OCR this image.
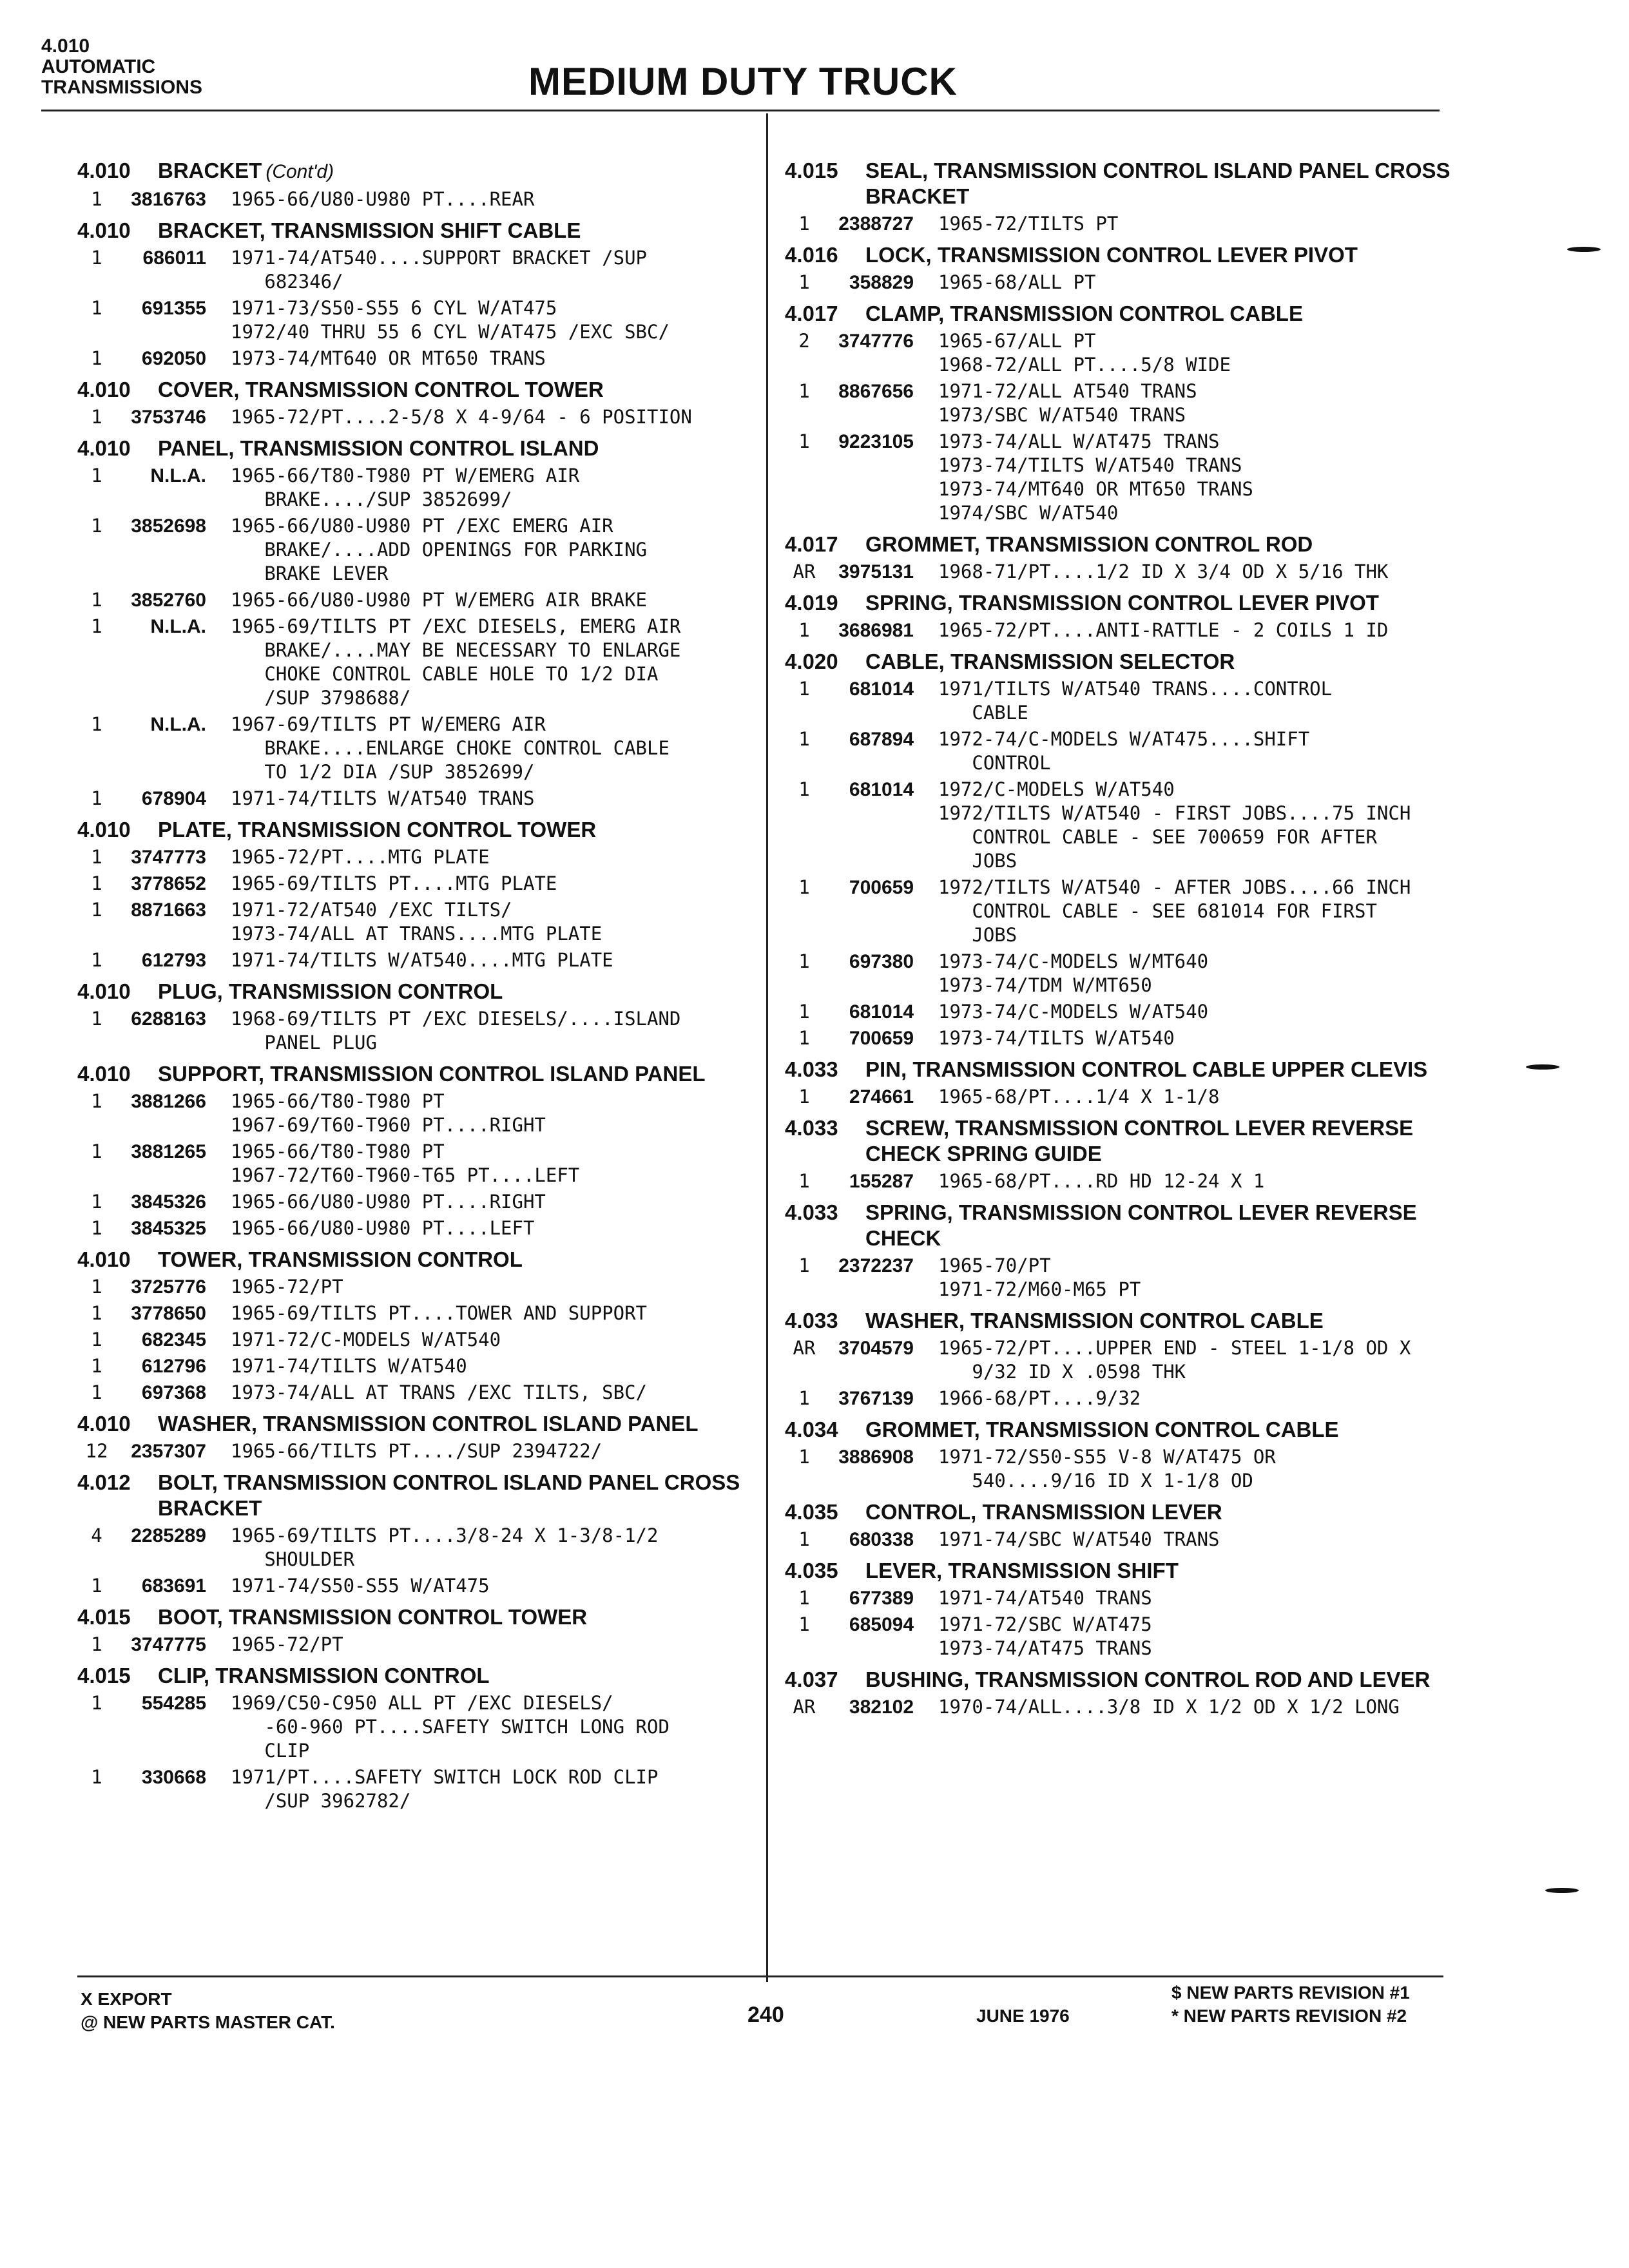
4.010
AUTOMATIC
TRANSMISSIONS	MEDIUM DUTY TRUCK
4.010	BRACKET (Cont'd)
1	3816763 1965-66/U80-U980 PT....REAR
4.010	BRACKET, TRANSMISSION SHIFT CABLE
1	686011 1971-74/AT540....SUPPORT BRACKET /SUP
682346/
1	691355 1971-73/S50-S55 6 CYL W/AT475
1972/40 THRU 55 6 CYL W/AT475 /EXC SBC/
1	692050 1973-74/MT640 OR MT650 TRANS
4.010	COVER, TRANSMISSION CONTROL TOWER
1	3753746 1965-72/PT....2-5/8 X 4-9/64 - 6 POSITION
4.010	PANEL, TRANSMISSION CONTROL ISLAND
1	N.L.A. 1965-66/T80-T980 PT W/EMERG AIR
BRAKE..../SUP 3852699/
1	3852698 1965-66/U80-U980 PT /EXC EMERG AIR
BRAKE/....ADD OPENINGS FOR PARKING
BRAKE LEVER
1	3852760 1965-66/U80-U980 PT W/EMERG AIR BRAKE
1	N.L.A. 1965-69/TILTS PT /EXC DIESELS, EMERG AIR
BRAKE/....MAY BE NECESSARY TO ENLARGE
CHOKE CONTROL CABLE HOLE TO 1/2 DIA
/SUP 3798688/
1	N.L.A. 1967-69/TILTS PT W/EMERG AIR
BRAKE....ENLARGE CHOKE CONTROL CABLE
TO 1/2 DIA /SUP 3852699/
1	678904 1971-74/TILTS W/AT540 TRANS
4.010	PLATE, TRANSMISSION CONTROL TOWER
1	3747773 1965-72/PT....MTG PLATE
1	3778652 1965-69/TILTS PT....MTG PLATE
1	8871663 1971-72/AT540 /EXC TILTS/
1973-74/ALL AT TRANS....MTG PLATE
1	612793 1971-74/TILTS W/AT540....MTG PLATE
4.010	PLUG, TRANSMISSION CONTROL
1	6288163 1968-69/TILTS PT /EXC DIESELS/....ISLAND
PANEL PLUG
4.010	SUPPORT, TRANSMISSION CONTROL ISLAND PANEL
1	3881266 1965-66/T80-T980 PT
1967-69/T60-T960 PT....RIGHT
1	3881265 1965-66/T80-T980 PT
1967-72/T60-T960-T65 PT....LEFT
1	3845326 1965-66/U80-U980 PT....RIGHT
1	3845325 1965-66/U80-U980 PT....LEFT
4.010	TOWER, TRANSMISSION CONTROL
1	3725776 1965-72/PT
1	3778650 1965-69/TILTS PT....TOWER AND SUPPORT
1	682345 1971-72/C-MODELS W/AT540
1	612796 1971-74/TILTS W/AT540
1	697368 1973-74/ALL AT TRANS /EXC TILTS, SBC/
4.010	WASHER, TRANSMISSION CONTROL ISLAND PANEL
12	2357307 1965-66/TILTS PT..../SUP 2394722/
4.012	BOLT, TRANSMISSION CONTROL ISLAND PANEL CROSS BRACKET
4	2285289 1965-69/TILTS PT....3/8-24 X 1-3/8-1/2
SHOULDER
1	683691 1971-74/S50-S55 W/AT475
4.015	BOOT, TRANSMISSION CONTROL TOWER
1	3747775 1965-72/PT
4.015	CLIP, TRANSMISSION CONTROL
1	554285 1969/C50-C950 ALL PT /EXC DIESELS/
-60-960 PT....SAFETY SWITCH LONG ROD
CLIP
1	330668 1971/PT....SAFETY SWITCH LOCK ROD CLIP
/SUP 3962782/
4.015	SEAL, TRANSMISSION CONTROL ISLAND PANEL CROSS BRACKET
1	2388727 1965-72/TILTS PT
4.016	LOCK, TRANSMISSION CONTROL LEVER PIVOT
1	358829 1965-68/ALL PT
4.017	CLAMP, TRANSMISSION CONTROL CABLE
2	3747776 1965-67/ALL PT
1968-72/ALL PT....5/8 WIDE
1	8867656 1971-72/ALL AT540 TRANS
1973/SBC W/AT540 TRANS
1	9223105 1973-74/ALL W/AT475 TRANS
1973-74/TILTS W/AT540 TRANS
1973-74/MT640 OR MT650 TRANS
1974/SBC W/AT540
4.017	GROMMET, TRANSMISSION CONTROL ROD
AR	3975131 1968-71/PT....1/2 ID X 3/4 OD X 5/16 THK
4.019	SPRING, TRANSMISSION CONTROL LEVER PIVOT
1	3686981 1965-72/PT....ANTI-RATTLE - 2 COILS 1 ID
4.020	CABLE, TRANSMISSION SELECTOR
1	681014 1971/TILTS W/AT540 TRANS....CONTROL
CABLE
1	687894 1972-74/C-MODELS W/AT475....SHIFT
CONTROL
1	681014 1972/C-MODELS W/AT540
1972/TILTS W/AT540 - FIRST JOBS....75 INCH
CONTROL CABLE - SEE 700659 FOR AFTER
JOBS
1	700659 1972/TILTS W/AT540 - AFTER JOBS....66 INCH
CONTROL CABLE - SEE 681014 FOR FIRST
JOBS
1	697380 1973-74/C-MODELS W/MT640
1973-74/TDM W/MT650
1	681014 1973-74/C-MODELS W/AT540
1	700659 1973-74/TILTS W/AT540
4.033	PIN, TRANSMISSION CONTROL CABLE UPPER CLEVIS
1	274661 1965-68/PT....1/4 X 1-1/8
4.033	SCREW, TRANSMISSION CONTROL LEVER REVERSE CHECK SPRING GUIDE
1	155287 1965-68/PT....RD HD 12-24 X 1
4.033	SPRING, TRANSMISSION CONTROL LEVER REVERSE CHECK
1	2372237 1965-70/PT
1971-72/M60-M65 PT
4.033	WASHER, TRANSMISSION CONTROL CABLE
AR	3704579 1965-72/PT....UPPER END - STEEL 1-1/8 OD X
9/32 ID X .0598 THK
1	3767139 1966-68/PT....9/32
4.034	GROMMET, TRANSMISSION CONTROL CABLE
1	3886908 1971-72/S50-S55 V-8 W/AT475 OR
540....9/16 ID X 1-1/8 OD
4.035	CONTROL, TRANSMISSION LEVER
1	680338 1971-74/SBC W/AT540 TRANS
4.035	LEVER, TRANSMISSION SHIFT
1	677389 1971-74/AT540 TRANS
1	685094 1971-72/SBC W/AT475
1973-74/AT475 TRANS
4.037	BUSHING, TRANSMISSION CONTROL ROD AND LEVER
AR	382102 1970-74/ALL....3/8 ID X 1/2 OD X 1/2 LONG
X EXPORT
@ NEW PARTS MASTER CAT.	240	JUNE 1976
$ NEW PARTS REVISION #1
* NEW PARTS REVISION #2
